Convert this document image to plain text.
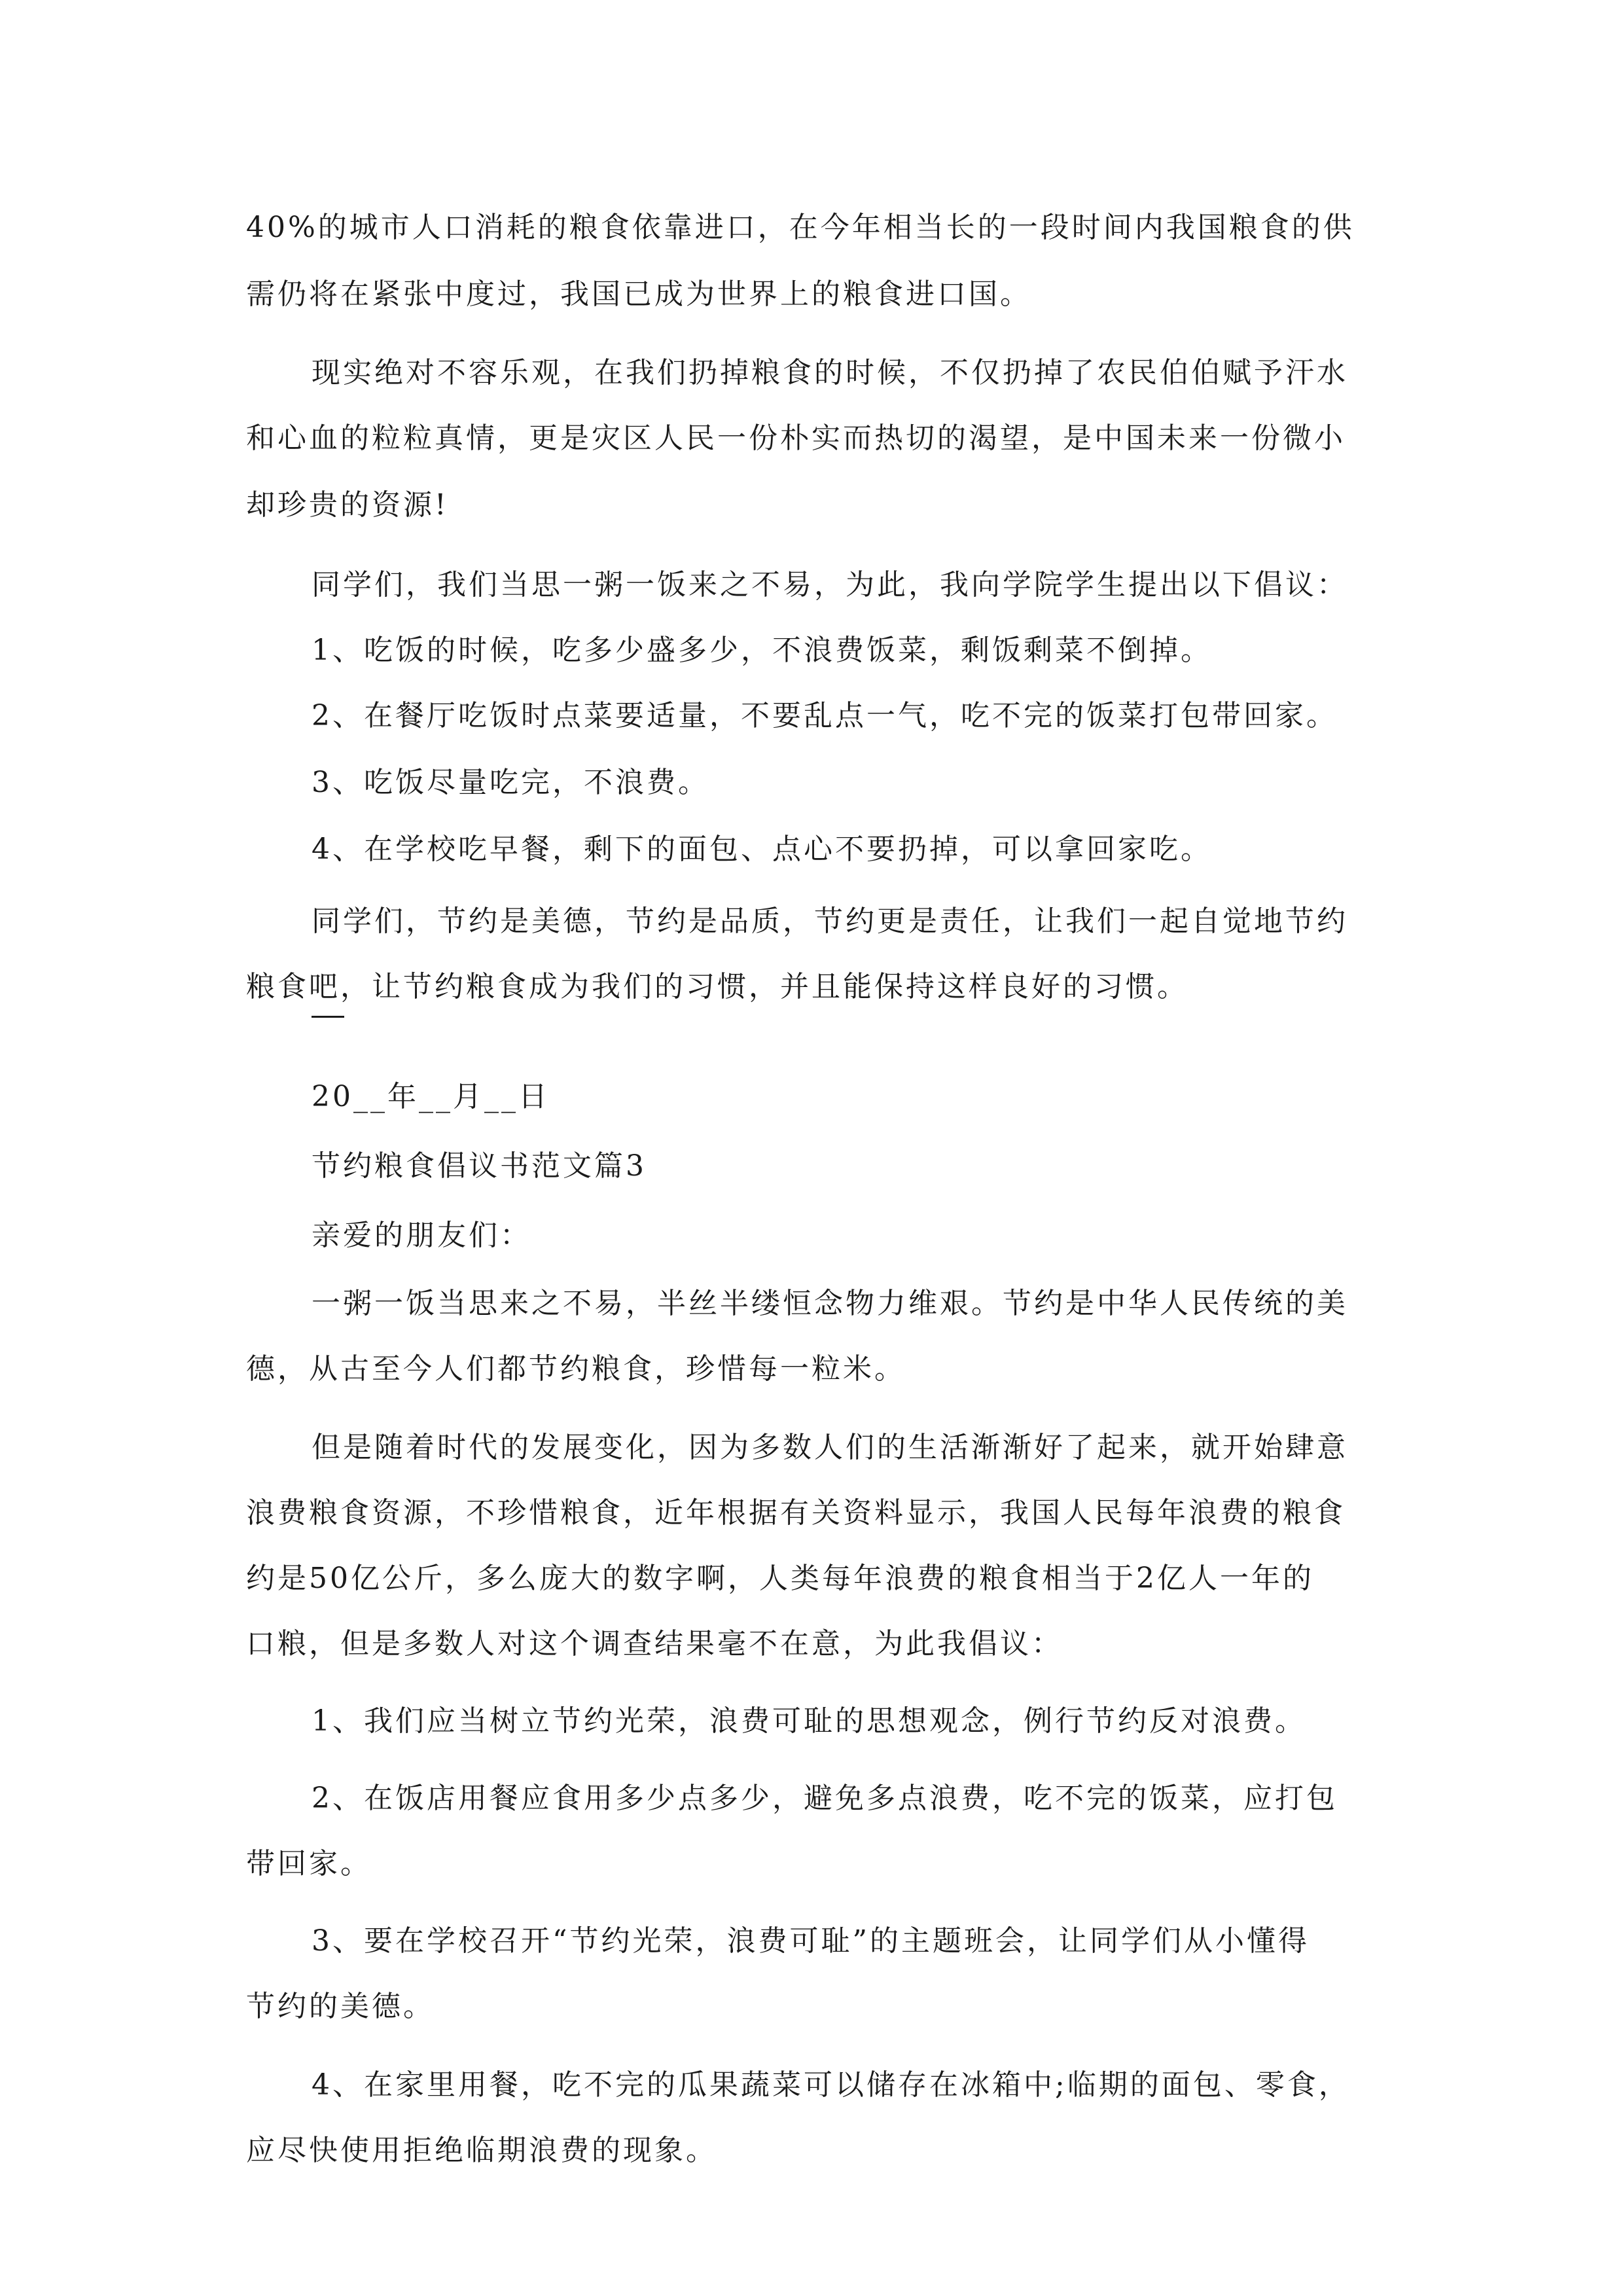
40%的城市人口消耗的粮食依靠进口，在今年相当长的一段时间内我国粮食的供
需仍将在紧张中度过，我国已成为世界上的粮食进口国。
现实绝对不容乐观，在我们扔掉粮食的时候，不仅扔掉了农民伯伯赋予汗水
和心血的粒粒真情，更是灾区人民一份朴实而热切的渴望，是中国未来一份微小
却珍贵的资源!
同学们，我们当思一粥一饭来之不易，为此，我向学院学生提出以下倡议：
1、吃饭的时候，吃多少盛多少，不浪费饭菜，剩饭剩菜不倒掉。
2、在餐厅吃饭时点菜要适量，不要乱点一气，吃不完的饭菜打包带回家。
3、吃饭尽量吃完，不浪费。
4、在学校吃早餐，剩下的面包、点心不要扔掉，可以拿回家吃。
同学们，节约是美德，节约是品质，节约更是责任，让我们一起自觉地节约
粮食吧，让节约粮食成为我们的习惯，并且能保持这样良好的习惯。
20__年__月__日
节约粮食倡议书范文篇3
亲爱的朋友们：
一粥一饭当思来之不易，半丝半缕恒念物力维艰。节约是中华人民传统的美
德，从古至今人们都节约粮食，珍惜每一粒米。
但是随着时代的发展变化，因为多数人们的生活渐渐好了起来，就开始肆意
浪费粮食资源，不珍惜粮食，近年根据有关资料显示，我国人民每年浪费的粮食
约是50亿公斤，多么庞大的数字啊，人类每年浪费的粮食相当于2亿人一年的
口粮，但是多数人对这个调查结果毫不在意，为此我倡议：
1、我们应当树立节约光荣，浪费可耻的思想观念，例行节约反对浪费。
2、在饭店用餐应食用多少点多少，避免多点浪费，吃不完的饭菜，应打包
带回家。
3、要在学校召开“节约光荣，浪费可耻”的主题班会，让同学们从小懂得
节约的美德。
4、在家里用餐，吃不完的瓜果蔬菜可以储存在冰箱中;临期的面包、零食，
应尽快使用拒绝临期浪费的现象。
